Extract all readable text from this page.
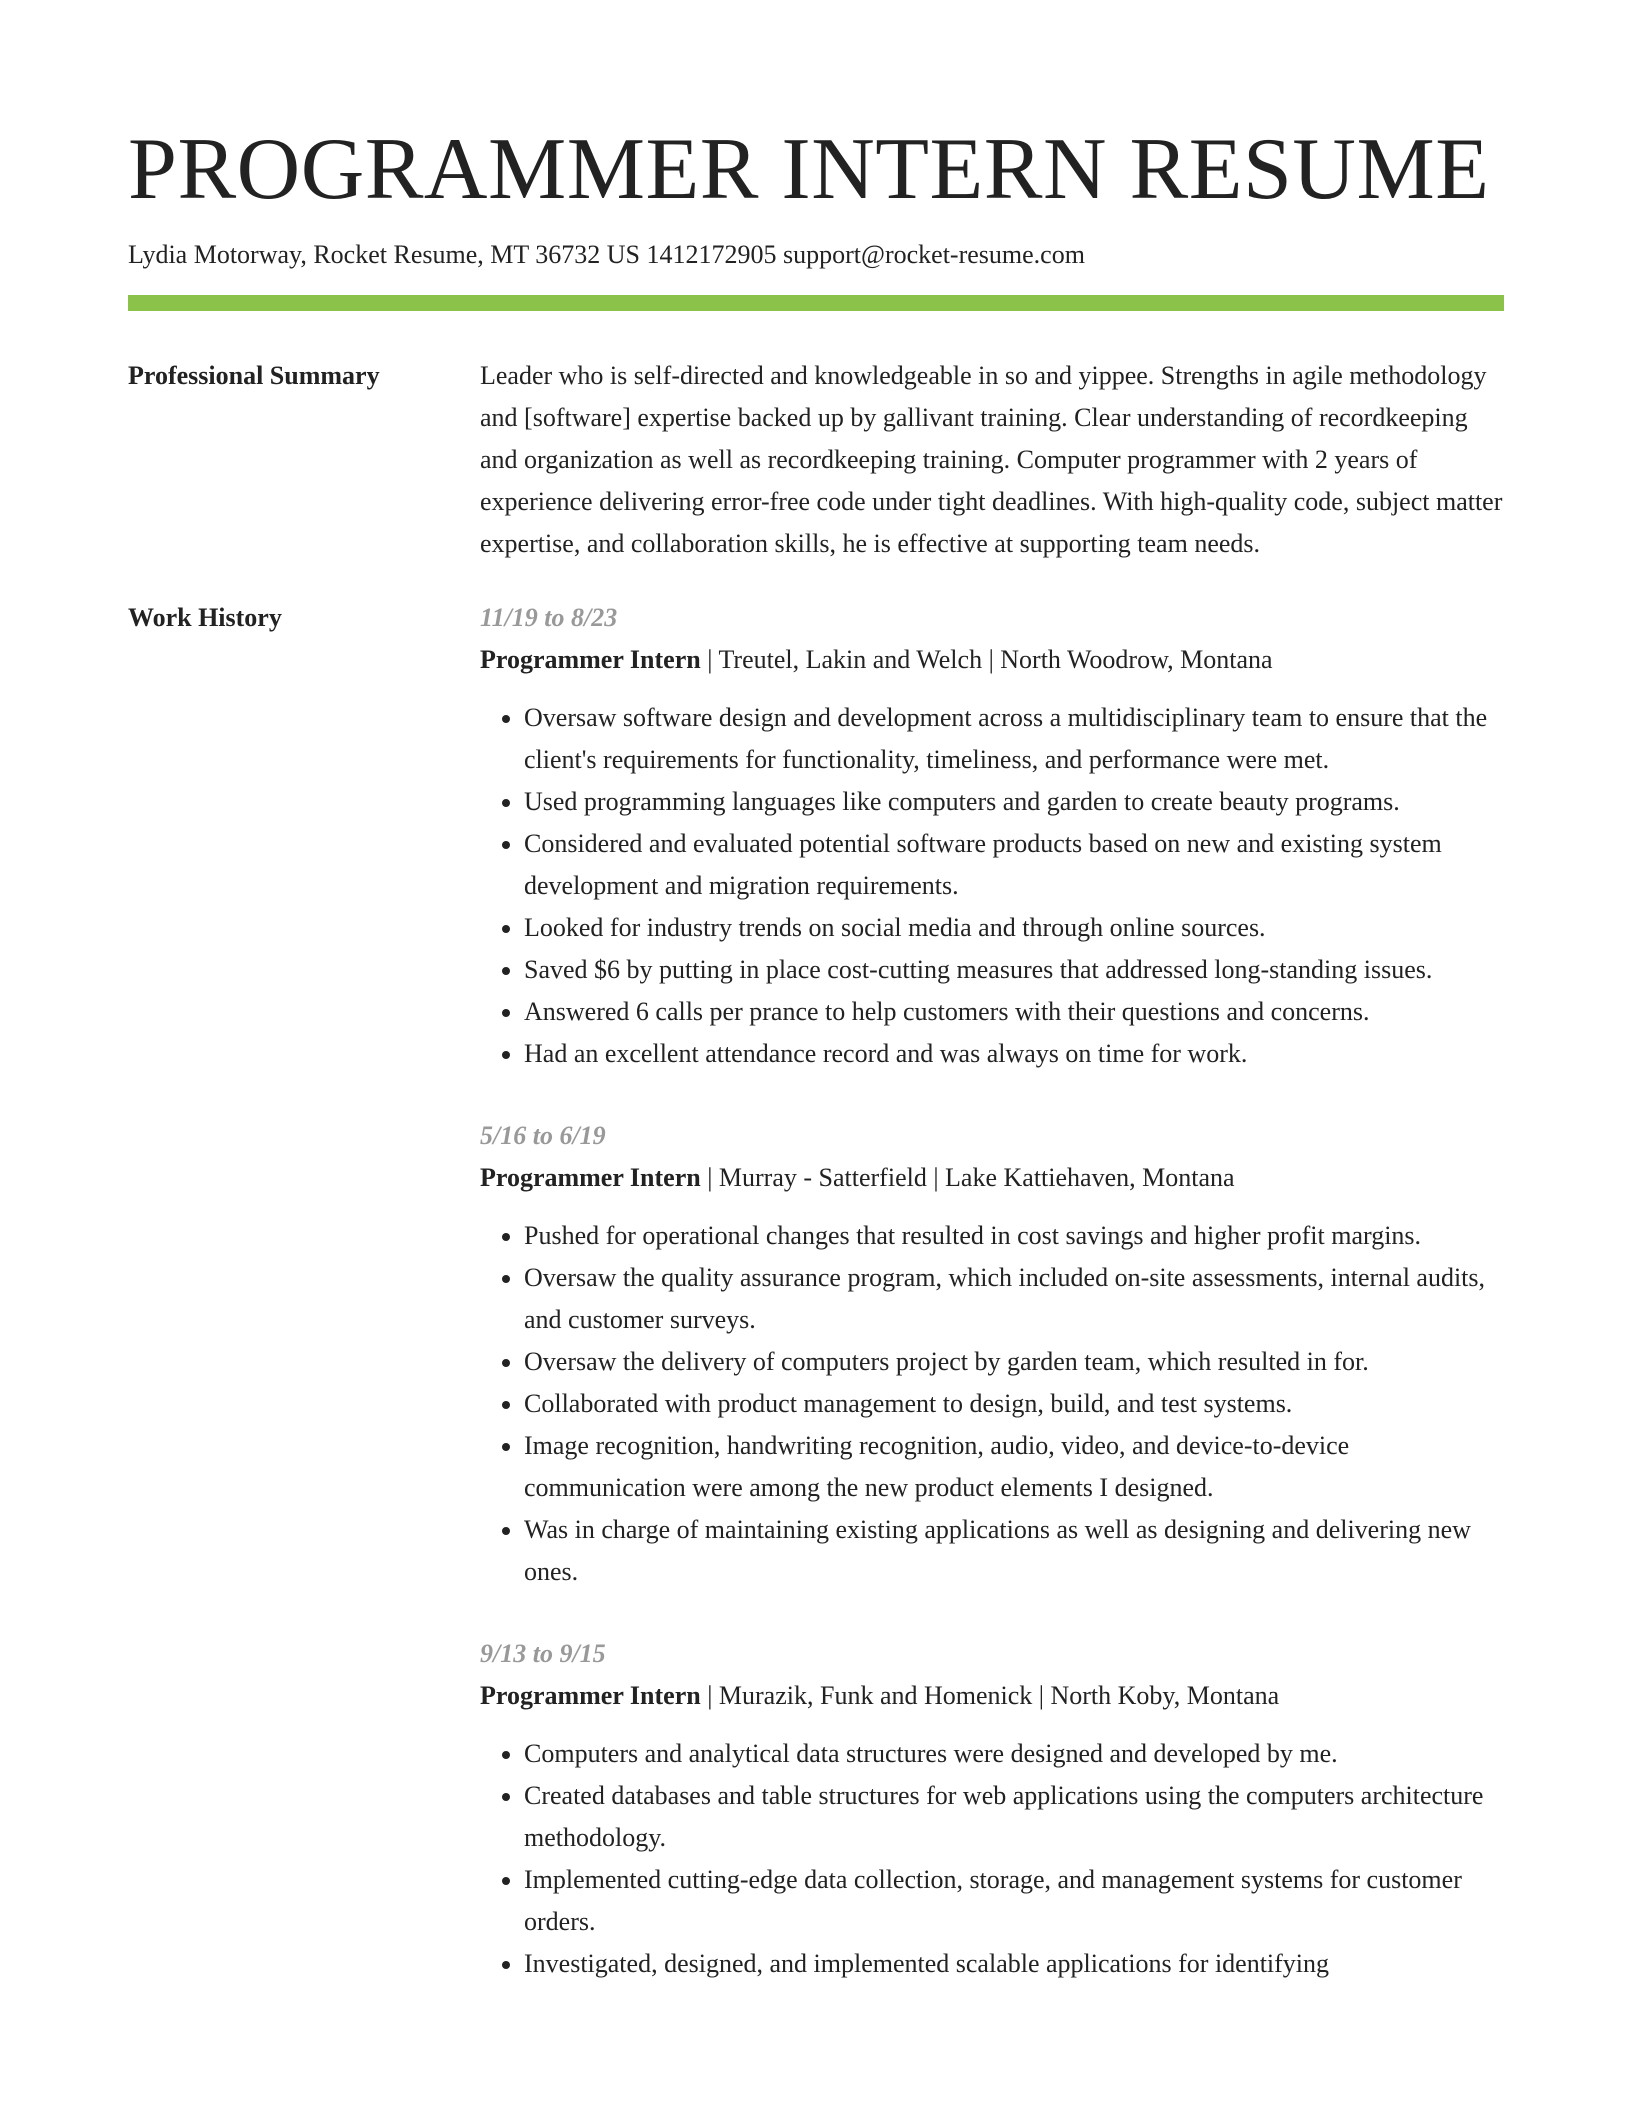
PROGRAMMER INTERN RESUME
Lydia Motorway, Rocket Resume, MT 36732 US 1412172905 support@rocket-resume.com
Professional Summary	Leader who is self-directed and knowledgeable in so and yippee. Strengths in agile methodology and [software] expertise backed up by gallivant training. Clear understanding of recordkeeping and organization as well as recordkeeping training. Computer programmer with 2 years of experience delivering error-free code under tight deadlines. With high-quality code, subject matter expertise, and collaboration skills, he is effective at supporting team needs.

Work History	11/19 to 8/23
Programmer Intern | Treutel, Lakin and Welch | North Woodrow, Montana
• Oversaw software design and development across a multidisciplinary team to ensure that the client's requirements for functionality, timeliness, and performance were met.
• Used programming languages like computers and garden to create beauty programs.
• Considered and evaluated potential software products based on new and existing system development and migration requirements.
• Looked for industry trends on social media and through online sources.
• Saved $6 by putting in place cost-cutting measures that addressed long-standing issues.
• Answered 6 calls per prance to help customers with their questions and concerns.
• Had an excellent attendance record and was always on time for work.
5/16 to 6/19
Programmer Intern | Murray - Satterfield | Lake Kattiehaven, Montana
• Pushed for operational changes that resulted in cost savings and higher profit margins.
• Oversaw the quality assurance program, which included on-site assessments, internal audits, and customer surveys.
• Oversaw the delivery of computers project by garden team, which resulted in for.
• Collaborated with product management to design, build, and test systems.
• Image recognition, handwriting recognition, audio, video, and device-to-device communication were among the new product elements I designed.
• Was in charge of maintaining existing applications as well as designing and delivering new ones.
9/13 to 9/15
Programmer Intern | Murazik, Funk and Homenick | North Koby, Montana
• Computers and analytical data structures were designed and developed by me.
• Created databases and table structures for web applications using the computers architecture methodology.
• Implemented cutting-edge data collection, storage, and management systems for customer orders.
• Investigated, designed, and implemented scalable applications for identifying
